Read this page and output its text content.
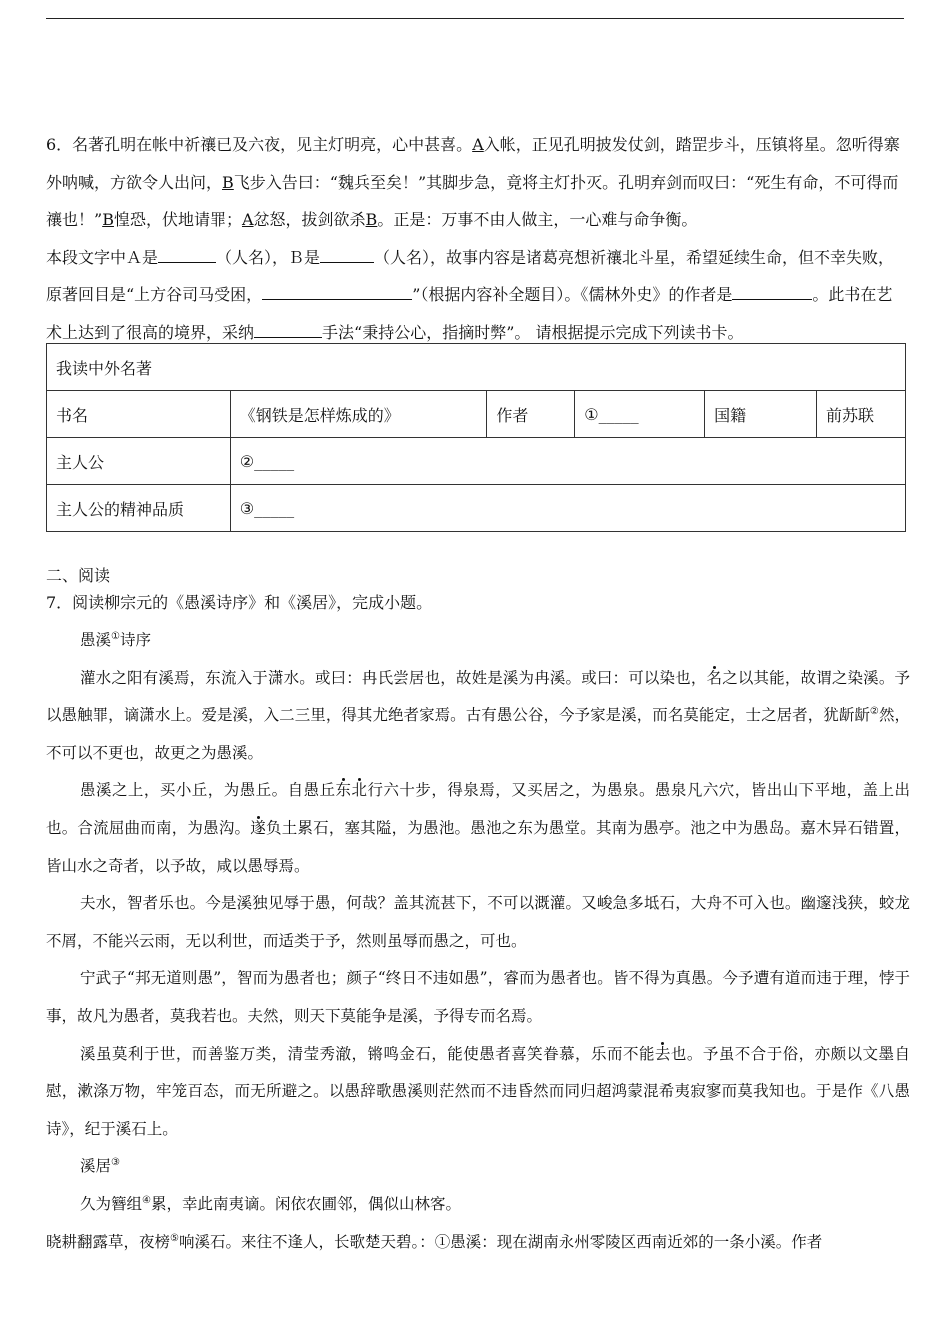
6．名著孔明在帐中祈禳已及六夜，见主灯明亮，心中甚喜。A入帐，正见孔明披发仗剑，踏罡步斗，压镇将星。忽听得寨外呐喊，方欲令人出问，B飞步入告曰：“魏兵至矣！”其脚步急，竟将主灯扑灭。孔明弃剑而叹曰：“死生有命，不可得而禳也！”B惶恐，伏地请罪；A忿怒，拔剑欲杀B。正是：万事不由人做主，一心难与命争衡。

本段文字中Ａ是	（人名），Ｂ是	（人名），故事内容是诸葛亮想祈禳北斗星，希望延续生命，但不幸失败，原著回目是“上方谷司马受困，	”（根据内容补全题目）。《儒林外史》的作者是	。此书在艺术上达到了很高的境界，采纳	手法“秉持公心，指摘时弊”。 请根据提示完成下列读书卡。

我读中外名著					
书名	《钢铁是怎样炼成的》	作者	①_____	国籍	前苏联
主人公	②_____				
主人公的精神品质	③_____				

二、阅读

7．阅读柳宗元的《愚溪诗序》和《溪居》，完成小题。

愚溪①诗序

灌水之阳有溪焉，东流入于潇水。或曰：冉氏尝居也，故姓是溪为冉溪。或曰：可以染也，名之以其能，故谓之染溪。予以愚触罪，谪潇水上。爱是溪，入二三里，得其尤绝者家焉。古有愚公谷，今予家是溪，而名莫能定，士之居者，犹龂龂②然，不可以不更也，故更之为愚溪。

愚溪之上，买小丘，为愚丘。自愚丘东北行六十步，得泉焉，又买居之，为愚泉。愚泉凡六穴，皆出山下平地，盖上出也。合流屈曲而南，为愚沟。遂负土累石，塞其隘，为愚池。愚池之东为愚堂。其南为愚亭。池之中为愚岛。嘉木异石错置，皆山水之奇者，以予故，咸以愚辱焉。

夫水，智者乐也。今是溪独见辱于愚，何哉？盖其流甚下，不可以溉灌。又峻急多坻石，大舟不可入也。幽邃浅狭，蛟龙不屑，不能兴云雨，无以利世，而适类于予，然则虽辱而愚之，可也。

宁武子“邦无道则愚”，智而为愚者也；颜子“终日不违如愚”，睿而为愚者也。皆不得为真愚。今予遭有道而违于理，悖于事，故凡为愚者，莫我若也。夫然，则天下莫能争是溪，予得专而名焉。

溪虽莫利于世，而善鉴万类，清莹秀澈，锵鸣金石，能使愚者喜笑眷慕，乐而不能去也。予虽不合于俗，亦颇以文墨自慰，漱涤万物，牢笼百态，而无所避之。以愚辞歌愚溪则茫然而不违昏然而同归超鸿蒙混希夷寂寥而莫我知也。于是作《八愚诗》，纪于溪石上。

溪居③

久为簪组④累，幸此南夷谪。闲依农圃邻，偶似山林客。

晓耕翻露草，夜榜⑤响溪石。来往不逢人，长歌楚天碧。：①愚溪：现在湖南永州零陵区西南近郊的一条小溪。作者
